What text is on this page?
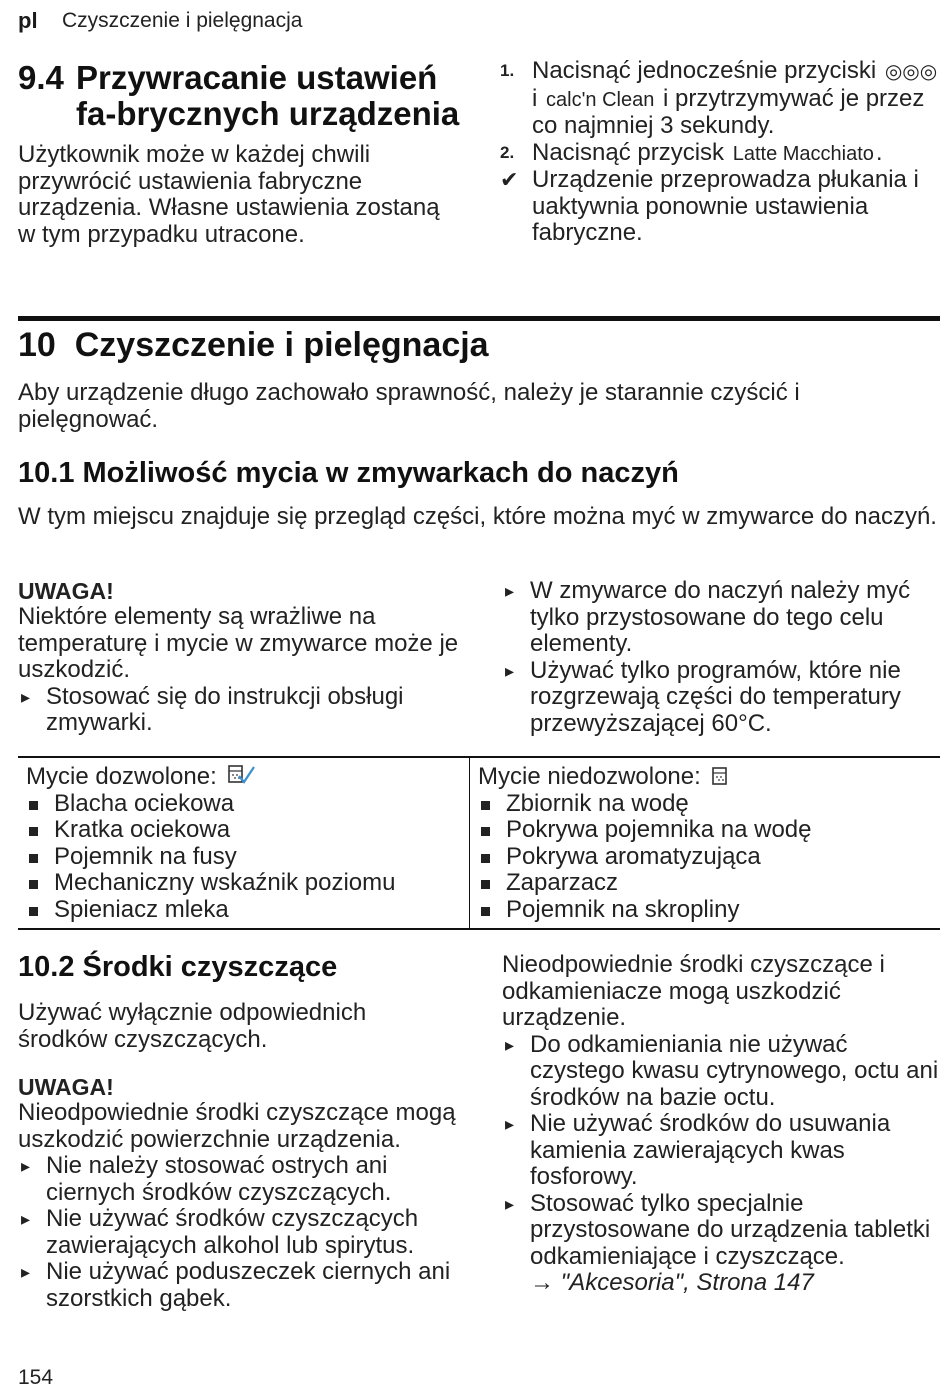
pl Czyszczenie i pielęgnacja
9.4 Przywracanie ustawień fa-brycznych urządzenia
Użytkownik może w każdej chwili przywrócić ustawienia fabryczne urządzenia. Własne ustawienia zostaną w tym przypadku utracone.
1. Nacisnąć jednocześnie przyciski ◎◎◎ i calc'n Clean i przytrzymywać je przez co najmniej 3 sekundy.
2. Nacisnąć przycisk Latte Macchiato.
✔ Urządzenie przeprowadza płukania i uaktywnia ponownie ustawienia fabryczne.
10 Czyszczenie i pielęgnacja
Aby urządzenie długo zachowało sprawność, należy je starannie czyścić i pielęgnować.
10.1 Możliwość mycia w zmywarkach do naczyń
W tym miejscu znajduje się przegląd części, które można myć w zmywarce do naczyń.
UWAGA!
Niektóre elementy są wrażliwe na temperaturę i mycie w zmywarce może je uszkodzić.
▸ Stosować się do instrukcji obsługi zmywarki.
▸ W zmywarce do naczyń należy myć tylko przystosowane do tego celu elementy.
▸ Używać tylko programów, które nie rozgrzewają części do temperatury przewyższającej 60°C.
Mycie dozwolone:
Blacha ociekowa
Kratka ociekowa
Pojemnik na fusy
Mechaniczny wskaźnik poziomu
Spieniacz mleka
Mycie niedozwolone:
Zbiornik na wodę
Pokrywa pojemnika na wodę
Pokrywa aromatyzująca
Zaparzacz
Pojemnik na skropliny
10.2 Środki czyszczące
Używać wyłącznie odpowiednich środków czyszczących.
UWAGA!
Nieodpowiednie środki czyszczące mogą uszkodzić powierzchnie urządzenia.
▸ Nie należy stosować ostrych ani ciernych środków czyszczących.
▸ Nie używać środków czyszczących zawierających alkohol lub spirytus.
▸ Nie używać poduszeczek ciernych ani szorstkich gąbek.
Nieodpowiednie środki czyszczące i odkamieniacze mogą uszkodzić urządzenie.
▸ Do odkamieniania nie używać czystego kwasu cytrynowego, octu ani środków na bazie octu.
▸ Nie używać środków do usuwania kamienia zawierających kwas fosforowy.
▸ Stosować tylko specjalnie przystosowane do urządzenia tabletki odkamieniające i czyszczące.
→ "Akcesoria", Strona 147
154
